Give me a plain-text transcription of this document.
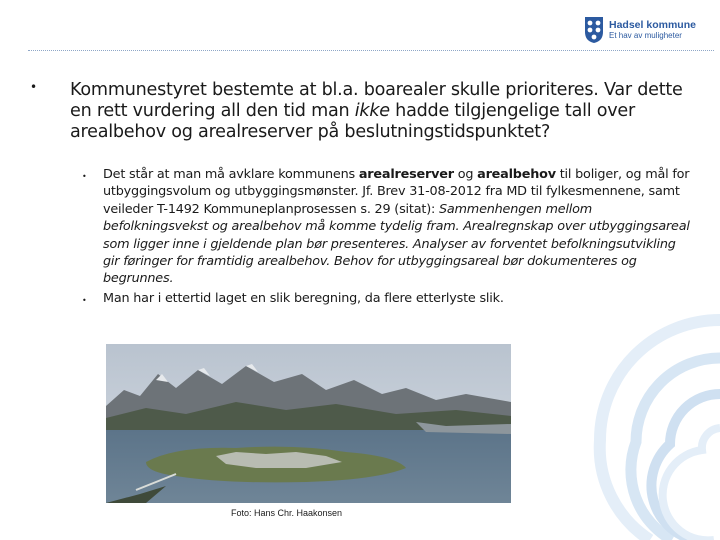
Hadsel kommune
Et hav av muligheter
• Kommunestyret bestemte at bl.a. boarealer skulle prioriteres. Var dette en rett vurdering all den tid man ikke hadde tilgjengelige tall over arealbehov og arealreserver på beslutningstidspunktet?
• Det står at man må avklare kommunens arealreserver og arealbehov til boliger, og mål for utbyggingsvolum og utbyggingsmønster. Jf. Brev 31-08-2012 fra MD til fylkesmennene, samt veileder T-1492 Kommuneplanprosessen s. 29 (sitat): Sammenhengen mellom befolkningsvekst og arealbehov må komme tydelig fram. Arealregnskap over utbyggingsareal som ligger inne i gjeldende plan bør presenteres. Analyser av forventet befolkningsutvikling gir føringer for framtidig arealbehov. Behov for utbyggingsareal bør dokumenteres og begrunnes.
• Man har i ettertid laget en slik beregning, da flere etterlyste slik.
Foto: Hans Chr. Haakonsen
